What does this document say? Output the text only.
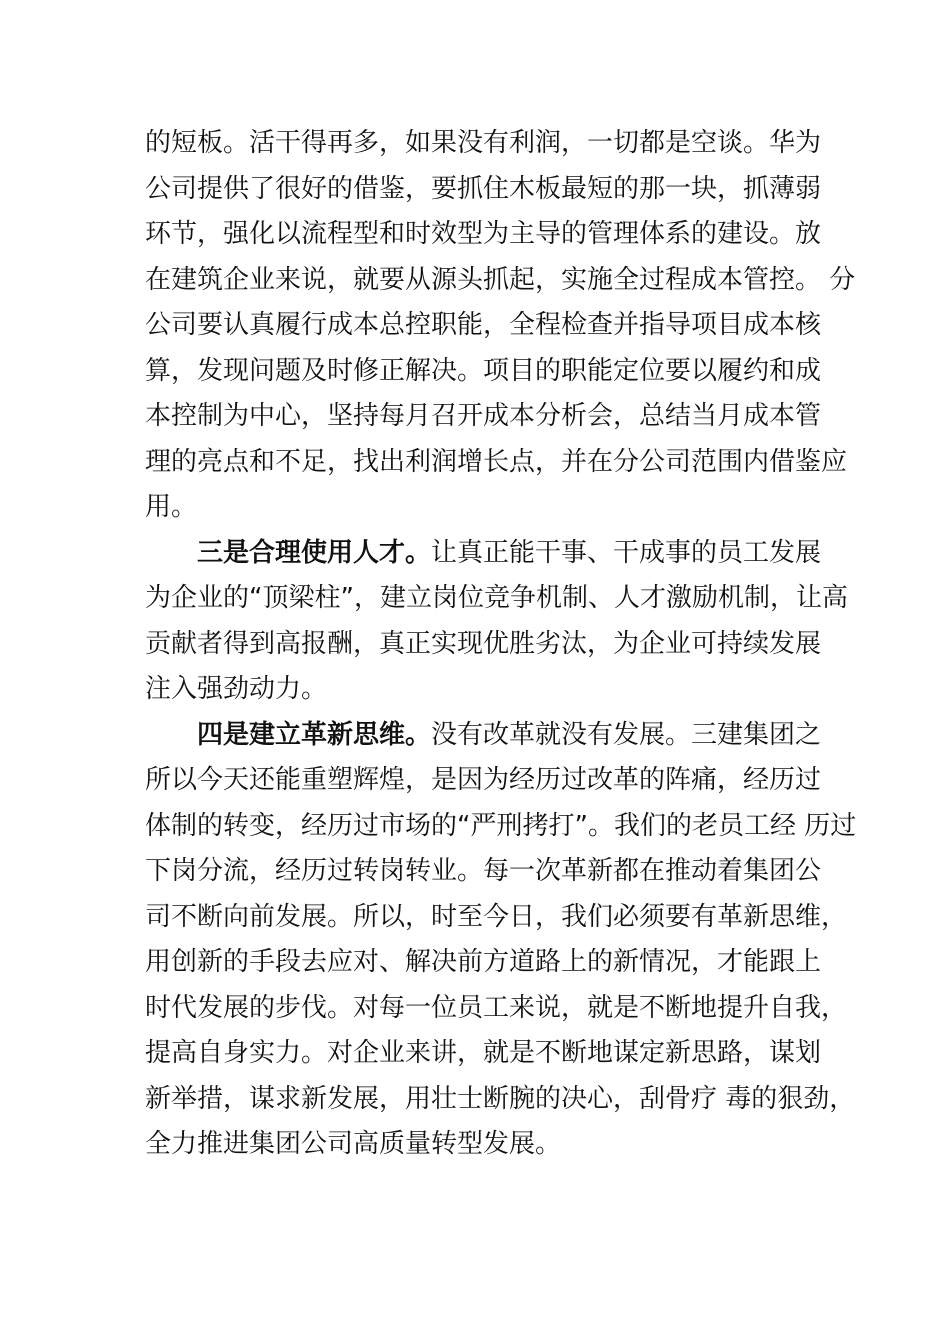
的短板。活干得再多，如果没有利润，一切都是空谈。华为
公司提供了很好的借鉴，要抓住木板最短的那一块，抓薄弱
环节，强化以流程型和时效型为主导的管理体系的建设。放
在建筑企业来说，就要从源头抓起，实施全过程成本管控。 分
公司要认真履行成本总控职能，全程检查并指导项目成本核
算，发现问题及时修正解决。项目的职能定位要以履约和成
本控制为中心，坚持每月召开成本分析会，总结当月成本管
理的亮点和不足，找出利润增长点，并在分公司范围内借鉴应
用。
三是合理使用人才。让真正能干事、干成事的员工发展
为企业的“顶梁柱”，建立岗位竞争机制、人才激励机制，让高
贡献者得到高报酬，真正实现优胜劣汰，为企业可持续发展
注入强劲动力。
四是建立革新思维。没有改革就没有发展。三建集团之
所以今天还能重塑辉煌，是因为经历过改革的阵痛，经历过
体制的转变，经历过市场的“严刑拷打”。我们的老员工经 历过
下岗分流，经历过转岗转业。每一次革新都在推动着集团公
司不断向前发展。所以，时至今日，我们必须要有革新思维，
用创新的手段去应对、解决前方道路上的新情况，才能跟上
时代发展的步伐。对每一位员工来说，就是不断地提升自我，
提高自身实力。对企业来讲，就是不断地谋定新思路，谋划
新举措，谋求新发展，用壮士断腕的决心，刮骨疗 毒的狠劲，
全力推进集团公司高质量转型发展。
